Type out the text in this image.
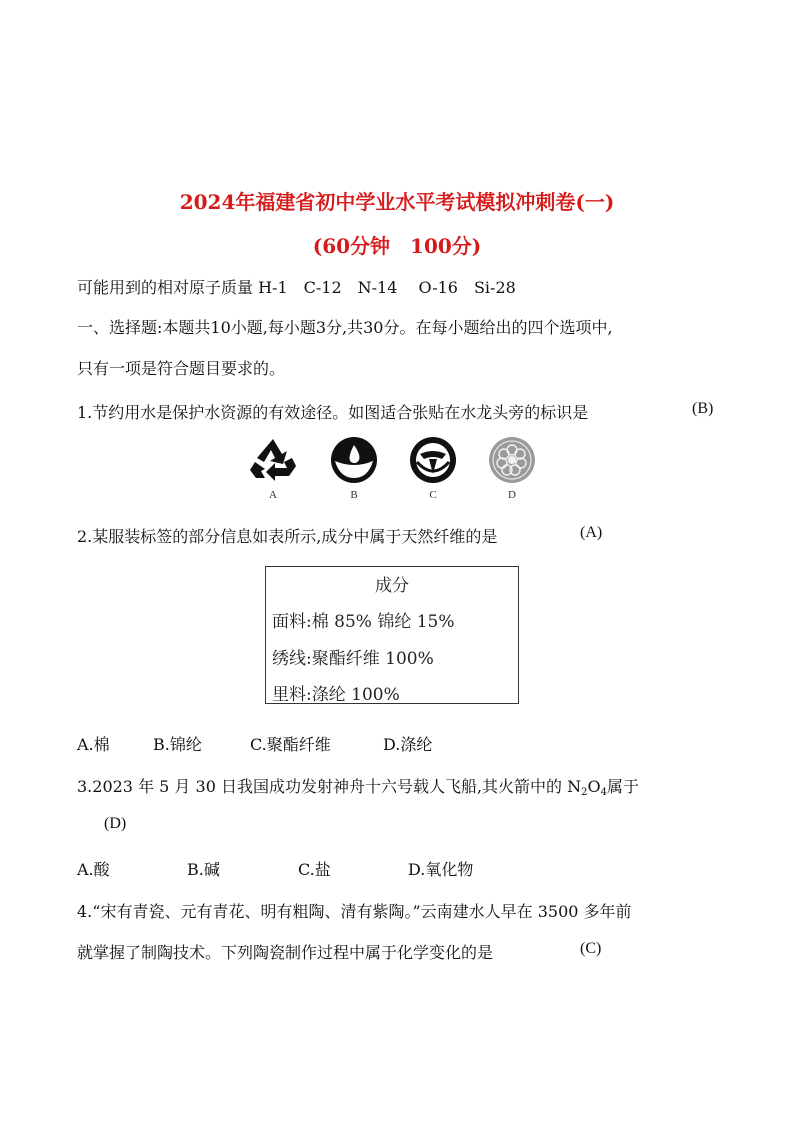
2024年福建省初中学业水平考试模拟冲刺卷(一)
(60分钟　100分)
可能用到的相对原子质量 H-1　C-12　N-14　 O-16　Si-28
一、选择题:本题共10小题,每小题3分,共30分。在每小题给出的四个选项中,
只有一项是符合题目要求的。
1.节约用水是保护水资源的有效途径。如图适合张贴在水龙头旁的标识是	(B)
A	B	C	D
2.某服装标签的部分信息如表所示,成分中属于天然纤维的是	(A)
成分
面料:棉 85% 锦纶 15%
绣线:聚酯纤维 100%
里料:涤纶 100%
A.棉	B.锦纶	C.聚酯纤维	D.涤纶
3.2023 年 5 月 30 日我国成功发射神舟十六号载人飞船,其火箭中的 $N_2O_4$属于
(D)
A.酸	B.碱	C.盐	D.氧化物
4.“宋有青瓷、元有青花、明有粗陶、清有紫陶。”云南建水人早在 3500 多年前
就掌握了制陶技术。下列陶瓷制作过程中属于化学变化的是	(C)
